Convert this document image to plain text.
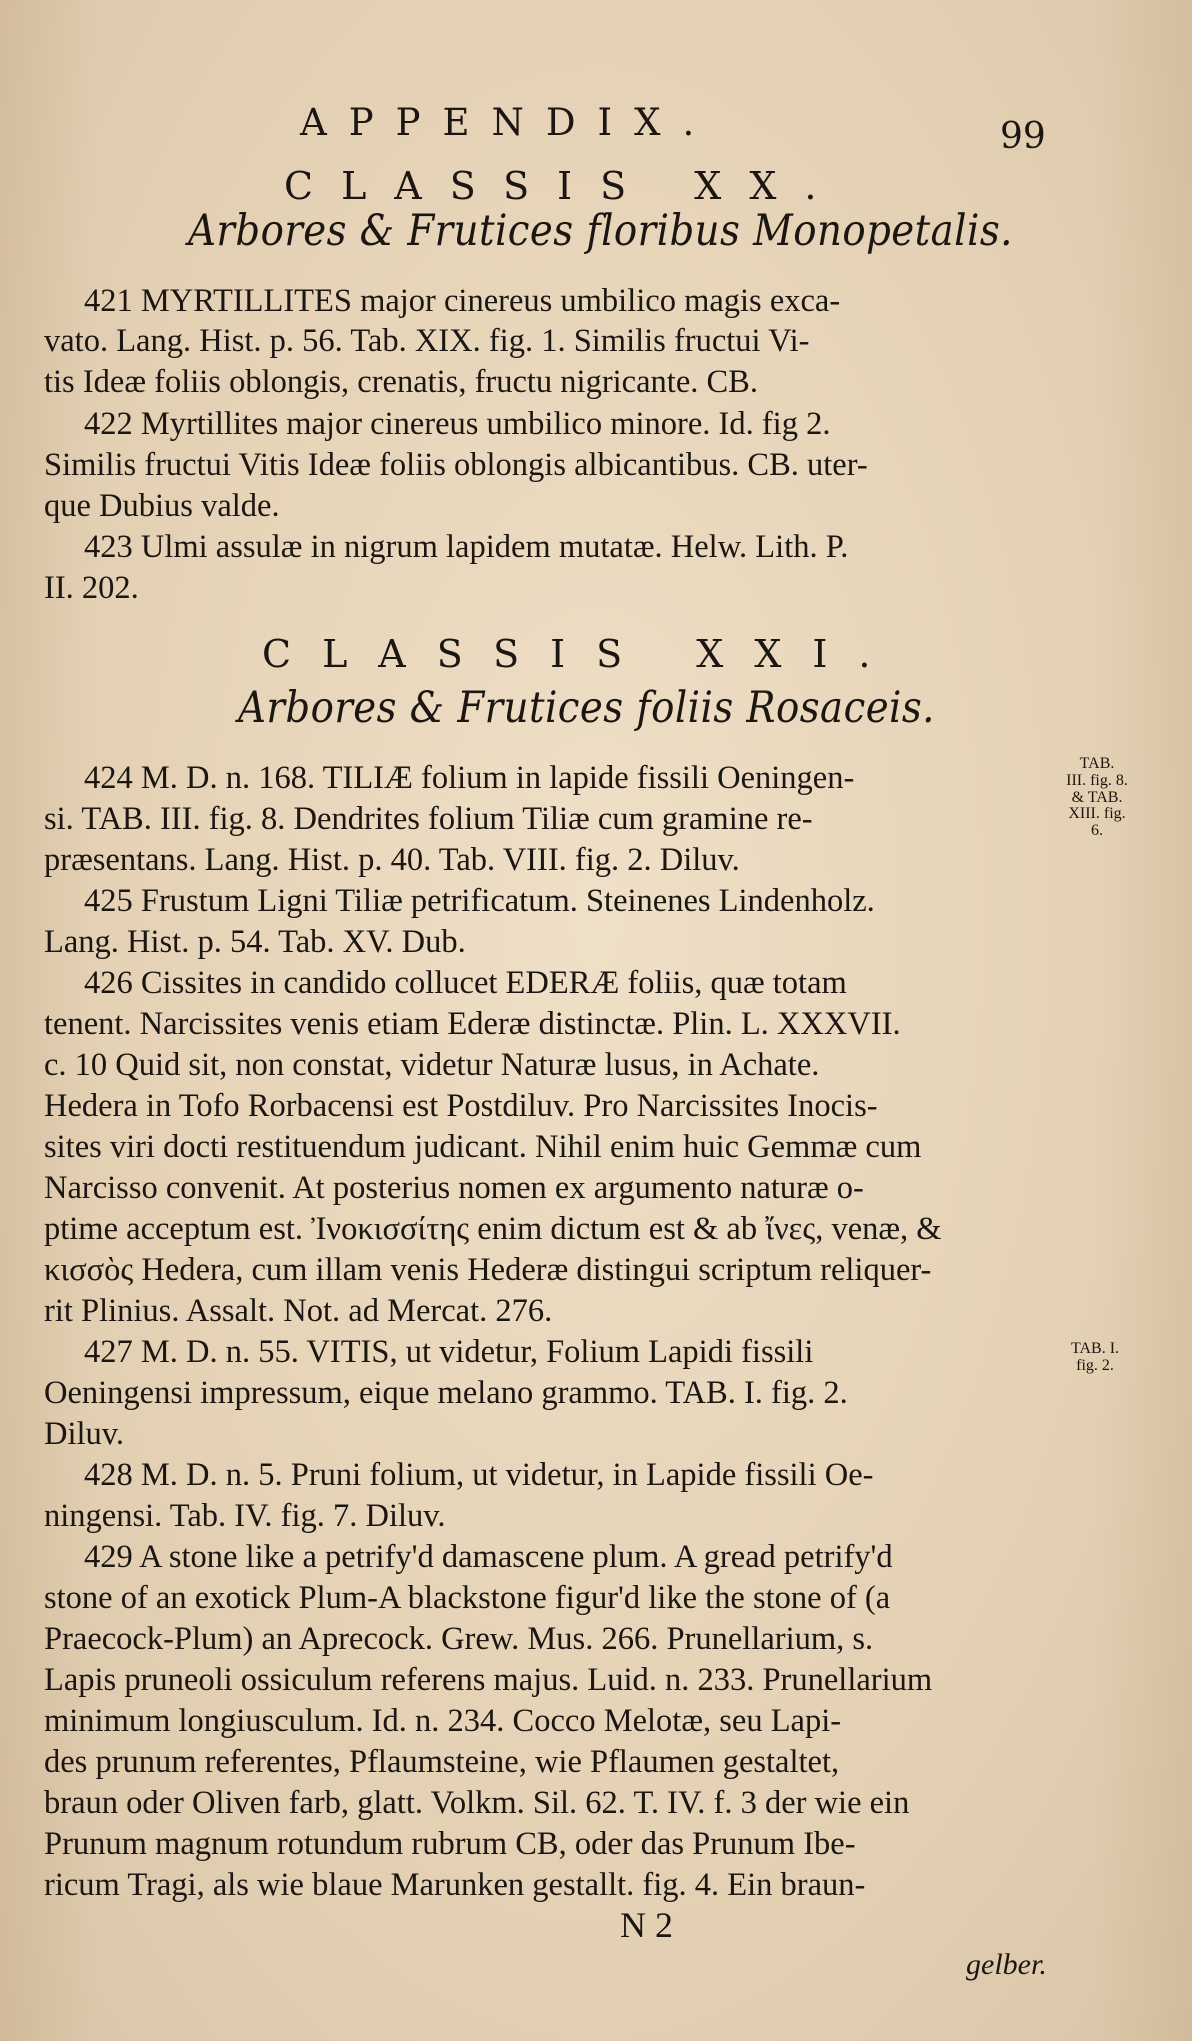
APPENDIX.	99
CLASSIS XX.
Arbores & Frutices floribus Monopetalis.
421 MYRTILLITES major cinereus umbilico magis exca-
vato. Lang. Hist. p. 56. Tab. XIX. fig. 1. Similis fructui Vi-
tis Ideæ foliis oblongis, crenatis, fructu nigricante. CB.
422 Myrtillites major cinereus umbilico minore. Id. fig 2.
Similis fructui Vitis Ideæ foliis oblongis albicantibus. CB. uter-
que Dubius valde.
423 Ulmi assulæ in nigrum lapidem mutatæ. Helw. Lith. P.
II. 202.
CLASSIS XXI.
Arbores & Frutices foliis Rosaceis.
424 M. D. n. 168. TILIÆ folium in lapide fissili Oeningen-
si. TAB. III. fig. 8. Dendrites folium Tiliæ cum gramine re-
præsentans. Lang. Hist. p. 40. Tab. VIII. fig. 2. Diluv.
425 Frustum Ligni Tiliæ petrificatum. Steinenes Lindenholz.
Lang. Hist. p. 54. Tab. XV. Dub.
426 Cissites in candido collucet EDERÆ foliis, quæ totam
tenent. Narcissites venis etiam Ederæ distinctæ. Plin. L. XXXVII.
c. 10 Quid sit, non constat, videtur Naturæ lusus, in Achate.
Hedera in Tofo Rorbacensi est Postdiluv. Pro Narcissites Inocis-
sites viri docti restituendum judicant. Nihil enim huic Gemmæ cum
Narcisso convenit. At posterius nomen ex argumento naturæ o-
ptime acceptum est. Ἰνοκισσίτης enim dictum est & ab ἴνες, venæ, &
κισσὸς Hedera, cum illam venis Hederæ distingui scriptum reliquer-
rit Plinius. Assalt. Not. ad Mercat. 276.
427 M. D. n. 55. VITIS, ut videtur, Folium Lapidi fissili
Oeningensi impressum, eique melano grammo. TAB. I. fig. 2.
Diluv.
428 M. D. n. 5. Pruni folium, ut videtur, in Lapide fissili Oe-
ningensi. Tab. IV. fig. 7. Diluv.
429 A stone like a petrify'd damascene plum. A gread petrify'd
stone of an exotick Plum-A blackstone figur'd like the stone of (a
Praecock-Plum) an Aprecock. Grew. Mus. 266. Prunellarium, s.
Lapis pruneoli ossiculum referens majus. Luid. n. 233. Prunellarium
minimum longiusculum. Id. n. 234. Cocco Melotæ, seu Lapi-
des prunum referentes, Pflaumsteine, wie Pflaumen gestaltet,
braun oder Oliven farb, glatt. Volkm. Sil. 62. T. IV. f. 3 der wie ein
Prunum magnum rotundum rubrum CB, oder das Prunum Ibe-
ricum Tragi, als wie blaue Marunken gestallt. fig. 4. Ein braun-
TAB.
III. fig. 8.
& TAB.
XIII. fig.
6.
TAB. I.
fig. 2.
N 2
gelber.
